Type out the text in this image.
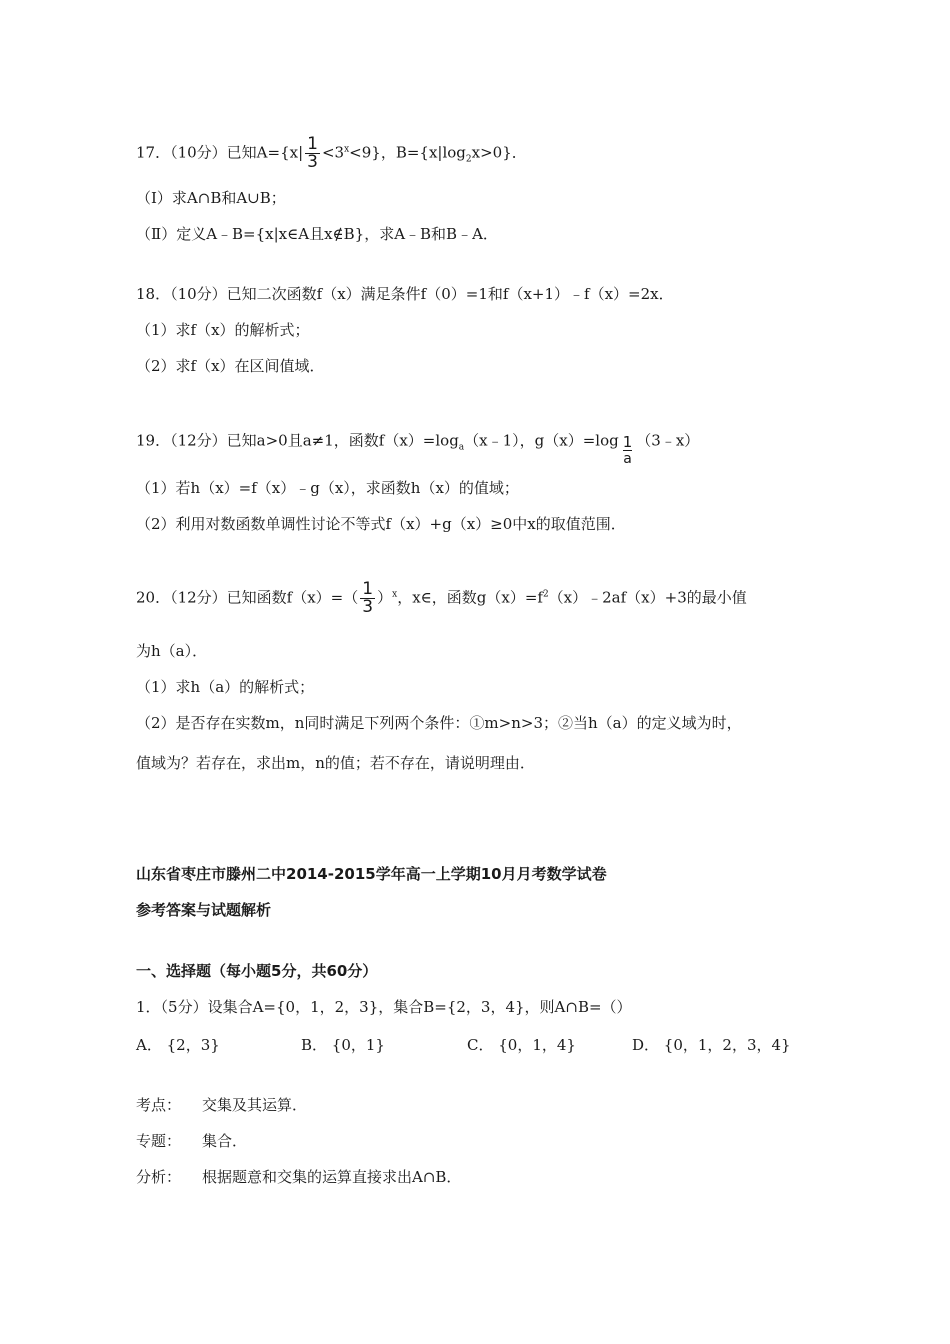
17．（10分）已知$A=\{x| \frac{1}{3} <3^x<9\}$，$B=\{x|\log_2x>0\}$．
（Ⅰ）求A∩B和A∪B；
（Ⅱ）定义A﹣B={x|x∈A且x∉B}，求A﹣B和B﹣A．
18．（10分）已知二次函数f（x）满足条件f（0）=1和f（x+1）﹣f（x）=2x．
（1）求f（x）的解析式；
（2）求f（x）在区间值域．
19．（12分）已知a>0且a≠1，函数$f(x)=\log_a(x﹣1)$，$g(x)=\log \frac{1}{a}$ （3﹣x）
（1）若h（x）=f（x）﹣g（x），求函数h（x）的值域；
（2）利用对数函数单调性讨论不等式f（x）+g（x）≥0中x的取值范围．
20．（12分）已知函数$f(x)=( \frac{1}{3} )^x$，x∈，函数$g(x)=f^2(x)﹣2af(x)+3$的最小值
为h（a）．
（1）求h（a）的解析式；
（2）是否存在实数m，n同时满足下列两个条件：①m>n>3；②当h（a）的定义域为时，
值域为？若存在，求出m，n的值；若不存在，请说明理由．
山东省枣庄市滕州二中2014-2015学年高一上学期10月月考数学试卷
参考答案与试题解析
一、选择题（每小题5分，共60分）
1．（5分）设集合A={0，1，2，3}，集合B={2，3，4}，则A∩B=（）
A． {2，3}	B． {0，1}	C． {0，1，4}	D． {0，1，2，3，4}
考点： 交集及其运算．
专题： 集合．
分析： 根据题意和交集的运算直接求出A∩B．
